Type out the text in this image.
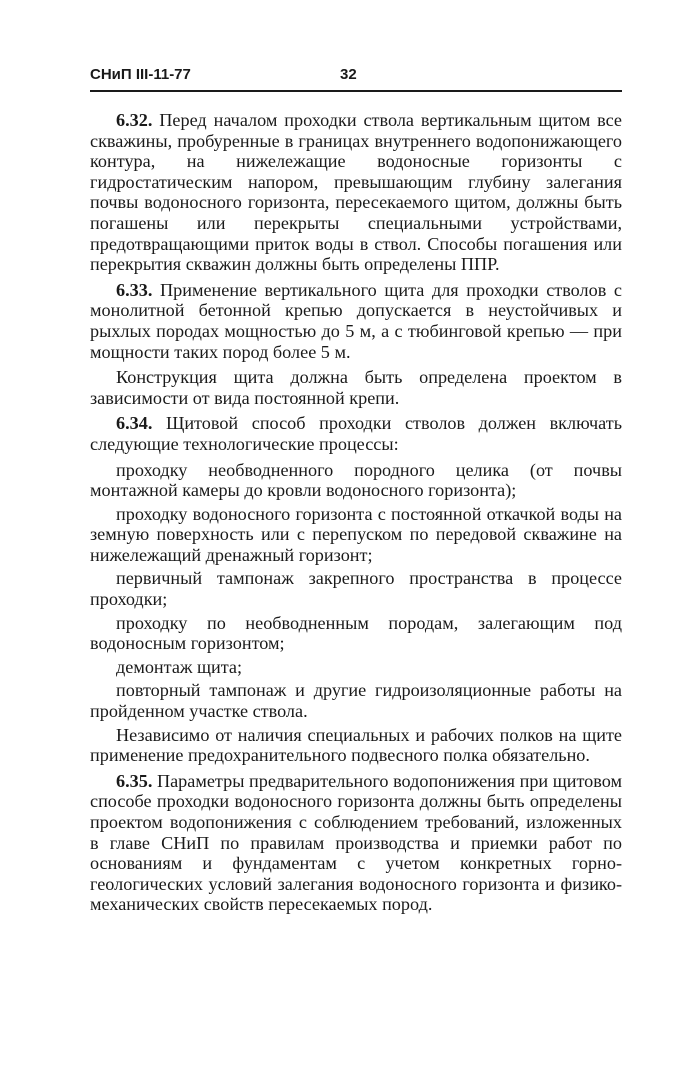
СНиП III-11-77	32

6.32. Перед началом проходки ствола вертикальным щитом все скважины, пробуренные в границах внутреннего водопонижающего контура, на нижележащие водоносные горизонты с гидростатическим напором, превышающим глубину залегания почвы водоносного горизонта, пересекаемого щитом, должны быть погашены или перекрыты специальными устройствами, предотвращающими приток воды в ствол. Способы погашения или перекрытия скважин должны быть определены ППР.

6.33. Применение вертикального щита для проходки стволов с монолитной бетонной крепью допускается в неустойчивых и рыхлых породах мощностью до 5 м, а с тюбинговой крепью — при мощности таких пород более 5 м.

Конструкция щита должна быть определена проектом в зависимости от вида постоянной крепи.

6.34. Щитовой способ проходки стволов должен включать следующие технологические процессы:

проходку необводненного породного целика (от почвы монтажной камеры до кровли водоносного горизонта);

проходку водоносного горизонта с постоянной откачкой воды на земную поверхность или с перепуском по передовой скважине на нижележащий дренажный горизонт;

первичный тампонаж закрепного пространства в процессе проходки;

проходку по необводненным породам, залегающим под водоносным горизонтом;

демонтаж щита;

повторный тампонаж и другие гидроизоляционные работы на пройденном участке ствола.

Независимо от наличия специальных и рабочих полков на щите применение предохранительного подвесного полка обязательно.

6.35. Параметры предварительного водопонижения при щитовом способе проходки водоносного горизонта должны быть определены проектом водопонижения с соблюдением требований, изложенных в главе СНиП по правилам производства и приемки работ по основаниям и фундаментам с учетом конкретных горно-геологических условий залегания водоносного горизонта и физико-механических свойств пересекаемых пород.
